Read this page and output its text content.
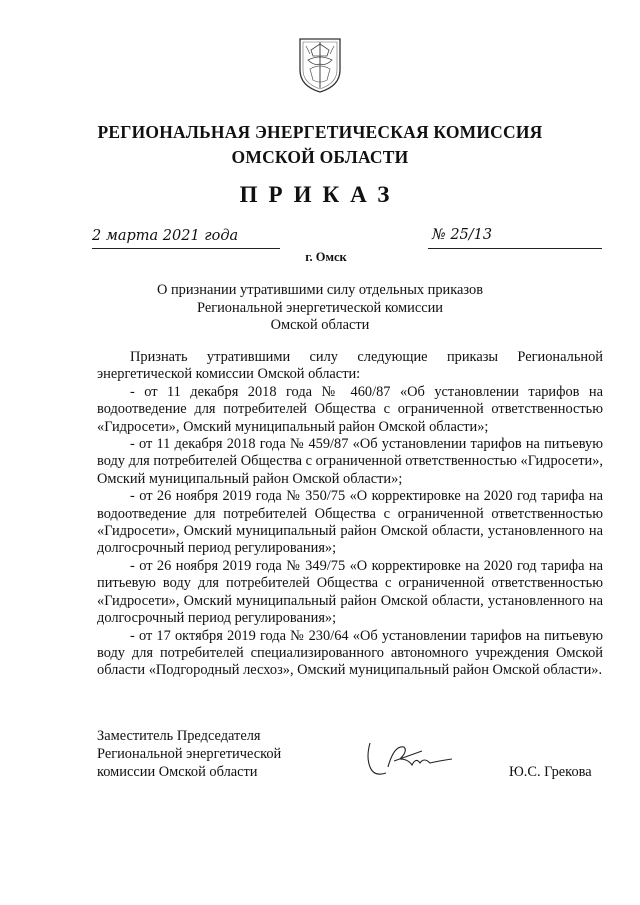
РЕГИОНАЛЬНАЯ ЭНЕРГЕТИЧЕСКАЯ КОМИССИЯ
ОМСКОЙ ОБЛАСТИ
ПРИКАЗ
2 марта 2021 года
г. Омск
№ 25/13
О признании утратившими силу отдельных приказов
Региональной энергетической комиссии
Омской области

Признать утратившими силу следующие приказы Региональной энергетической комиссии Омской области:

- от 11 декабря 2018 года № 460/87 «Об установлении тарифов на водоотведение для потребителей Общества с ограниченной ответственностью «Гидросети», Омский муниципальный район Омской области»;

- от 11 декабря 2018 года № 459/87 «Об установлении тарифов на питьевую воду для потребителей Общества с ограниченной ответственностью «Гидросети», Омский муниципальный район Омской области»;

- от 26 ноября 2019 года № 350/75 «О корректировке на 2020 год тарифа на водоотведение для потребителей Общества с ограниченной ответственностью «Гидросети», Омский муниципальный район Омской области, установленного на долгосрочный период регулирования»;

- от 26 ноября 2019 года № 349/75 «О корректировке на 2020 год тарифа на питьевую воду для потребителей Общества с ограниченной ответственностью «Гидросети», Омский муниципальный район Омской области, установленного на долгосрочный период регулирования»;

- от 17 октября 2019 года № 230/64 «Об установлении тарифов на питьевую воду для потребителей специализированного автономного учреждения Омской области «Подгородный лесхоз», Омский муниципальный район Омской области».

Заместитель Председателя
Региональной энергетической
комиссии Омской области	Ю.С. Грекова
